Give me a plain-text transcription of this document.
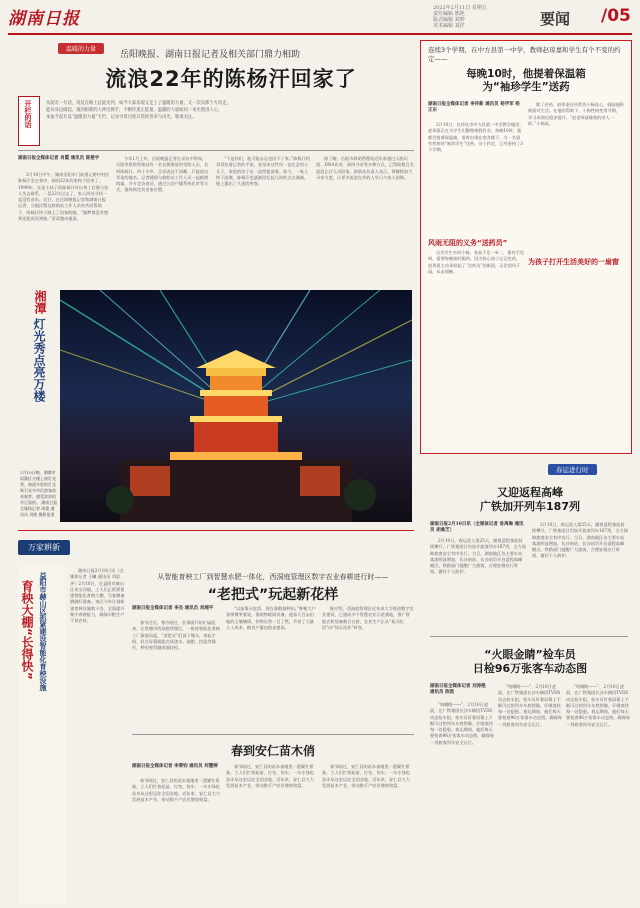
湖南日报
2022年2月11日 星期五
责任编辑 邢艳
版式编辑 刘帅
美术编辑 刘洋	要闻 /05
温暖的力量
岳阳晚报、湖南日报记者及相关部门鼎力相助
流浪22年的陈杨汗回家了
开栏的话	从前有一句话，说是在路上总能见到、如今大家乐观又走上了温暖的力量，又一次向那个方向走，
能从身边做起，遇到困难的人伸出援手，不断传递正能量，温暖的力量如同一束光照进人心，
本报今起开设“温暖的力量”专栏，记录寻常百姓日常的善举与闪光，敬请关注。
湖南日报全媒体记者 肖霞 通讯员 陈楚宇

2月10日中午，湖南岳阳市门前道元桥村村民陈杨汗坐在家中，阔别22年的家终于回来了。1999年，还是小伙子的陈杨汗外出务工后便与家人失去联系，一晃22年过去了，家人四处寻找一直没有音讯。近日，在岳阳晚报记者和湖南日报记者、当地民警及救助站工作人员的共同帮助下，陈杨汗终于踏上了回家的路。“做梦都没有想到还能再见到他。”哥哥激动地说。

今年1月上旬，岳阳晚报记者在采访中得知，岳阳市救助管理站有一名长期滞留的受助人员，名叫陈杨汗，四十多岁，言语表达不清晰，只能说出零星的地名。记者随即与救助站工作人员一起梳理线索，多方走访查证，通过公安户籍系统比对等方式，最终锁定其老家位置。

“不是你们，他可能永远也回不了家。”陈杨汗的哥哥拉着记者的手说，老母亲这些年一直在念叨小儿子，家里的房子也一直给他留着。如今，一家人终于团聚，陈杨汗也逐渐回忆起儿时的点点滴滴，脸上露出了久违的笑容。

据了解，岳阳市救助管理站近年来通过人脸识别、DNA比对、网络寻亲等多种方式，已帮助数百名流浪乞讨人员回家。救助站负责人表示，将继续加大寻亲力度，让更多流浪在外的人早日与家人团聚。

湘潭
灯光秀点亮万楼
2月10日晚，湘潭市雨湖区万楼上演灯光秀，绚丽多彩的灯光吸引众多市民游客前来观赏，感受浓浓的节日氛围。 湖南日报全媒体记者 周俊 通讯员 刘皓 摄影报道
连续3个学期，在中方县第一中学，教师赵琼嘉和学生有个不变的约定——
每晚10时，他提着保温箱
为“袖珍学生”送药
湖南日报全媒体记者 李传新 通讯员 杨学军 杨正东

2月10日，在怀化市中方县第一中学教学楼里，赵琼嘉正在为学生们整理寒假作业。每晚10时，他都会提着保温箱，准时出现在宿舍楼下，为一名患有疾病的“袖珍学生”送药。这个约定，已经坚持了3个学期。

风雨无阻的义务“送药员”

这名学生名叫小杨，身高不足一米二，患有罕见病，需要每晚按时服药。因为担心孩子忘记吃药，赵琼嘉主动承担起了“送药员”的职责，无论刮风下雨，从未间断。

除了送药，赵琼嘉还经常找小杨谈心，鼓励他积极面对生活。在他的帮助下，小杨性格变得开朗，学习成绩也稳步提升。“赵老师就像我的亲人一样。”小杨说。

为孩子打开生活美好的一扇窗
春运进行时
又迎返程高峰
广铁加开列车187列
湖南日报2月10日讯（全媒体记者 易禹琳 通讯员 胡桑芝）

2月10日，春运进入第25天，随着返程客流持续攀升，广铁集团日均加开旅客列车187列，全力保障旅客安全有序出行。当日，湖南地区各主要车站客流明显增加，长沙南站、长沙站均开启返程高峰模式。铁路部门提醒广大旅客，合理安排出行时间，做好个人防护。

2月10日，春运进入第25天，随着返程客流持续攀升，广铁集团日均加开旅客列车187列，全力保障旅客安全有序出行。当日，湖南地区各主要车站客流明显增加，长沙南站、长沙站均开启返程高峰模式。铁路部门提醒广大旅客，合理安排出行时间，做好个人防护。

“火眼金睛”检车员
日检96万张客车动态图
湖南日报全媒体记者 刘涛艳 通讯员 陈致

“咯嘣咯——”，2月10日凌晨，在广铁集团长沙车辆段TVDS动态检车组，检车员盯着屏幕上不断闪过的列车车底图像，仔细查找每一处隐患。春运期间，他们每天要检查96万张客车动态图，确保每一列旅客列车安全运行。

“咯嘣咯——”，2月10日凌晨，在广铁集团长沙车辆段TVDS动态检车组，检车员盯着屏幕上不断闪过的列车车底图像，仔细查找每一处隐患。春运期间，他们每天要检查96万张客车动态图，确保每一列旅客列车安全运行。

“咯嘣咯——”，2月10日凌晨，在广铁集团长沙车辆段TVDS动态检车组，检车员盯着屏幕上不断闪过的列车车底图像，仔细查找每一处隐患。春运期间，他们每天要检查96万张客车动态图，确保每一列旅客列车安全运行。

万家耕新
育秧大棚“长得快” 益阳市赫山区抓紧建设智能化育秧设施

湖南日报2月10日讯（全媒体记者 王曦 通讯员 刘思齐）2月10日，在益阳市赫山区泉交河镇，工人们正抓紧搭建智能化育秧大棚，为春耕备耕做好准备。该区今年计划新建育秧设施数十处，全面提升集中育秧能力，确保早稻生产不误农时。

从智能育秧工厂到智慧水肥一体化，西洞庭管理区数字农业春耕进行时——
“老把式”玩起新花样
湖南日报全媒体记者 李杰 通讯员 刘湘平

春节过后，寒冷刚过，农事就开始忙碌起来。在常德市西洞庭管理区，一座座智能化育秧工厂拔地而起，“老把式”们放下锄头，拿起手机，轻点屏幕就能完成浇水、施肥、控温等操作，种田变得越来越轻松。

“以前靠天吃饭，现在靠数据种田。”种粮大户张师傅笑着说，借助物联网设备，他家几百亩田地的土壤墒情、作物长势一目了然，节省了大量人工成本，粮食产量也稳步提高。

据介绍，西洞庭管理区近年来大力推进数字农业建设，已建成多个智慧农业示范基地，推广智能农机装备数百台套，农业生产正从“看天吃饭”向“知天而作”转变。

春到安仁苗木俏
湖南日报全媒体记者 李秉钧 通讯员 何慧婷

春节刚过，安仁县的苗木基地里一派繁忙景象，工人们忙着起苗、打包、装车，一车车绿化苗木从这里运往全国各地。近年来，安仁县大力发展苗木产业，带动数千户农民增收致富。

春节刚过，安仁县的苗木基地里一派繁忙景象，工人们忙着起苗、打包、装车，一车车绿化苗木从这里运往全国各地。近年来，安仁县大力发展苗木产业，带动数千户农民增收致富。

春节刚过，安仁县的苗木基地里一派繁忙景象，工人们忙着起苗、打包、装车，一车车绿化苗木从这里运往全国各地。近年来，安仁县大力发展苗木产业，带动数千户农民增收致富。
